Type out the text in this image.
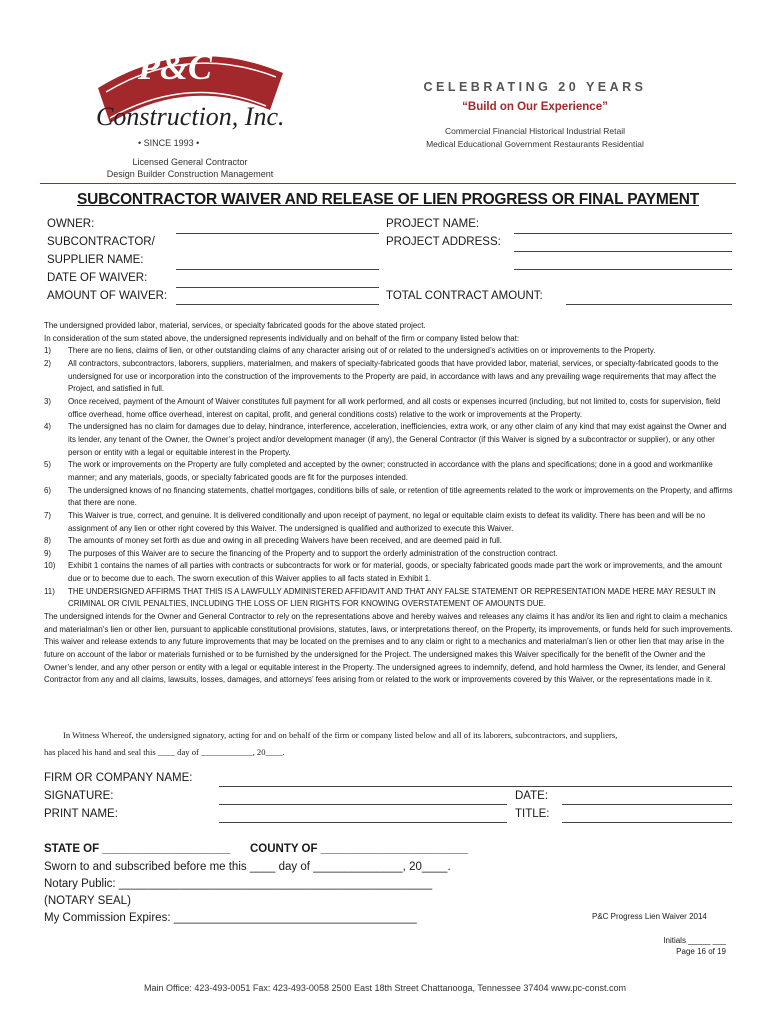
P&C
Construction, Inc.
• SINCE 1993 •
Licensed General Contractor
Design Builder Construction Management
CELEBRATING 20 YEARS
“Build on Our Experience”
Commercial Financial Historical Industrial Retail
Medical Educational Government Restaurants Residential
SUBCONTRACTOR WAIVER AND RELEASE OF LIEN PROGRESS OR FINAL PAYMENT
OWNER:
SUBCONTRACTOR/
SUPPLIER NAME:
DATE OF WAIVER:
AMOUNT OF WAIVER:
PROJECT NAME:
PROJECT ADDRESS:
TOTAL CONTRACT AMOUNT:

The undersigned provided labor, material, services, or specialty fabricated goods for the above stated project.

In consideration of the sum stated above, the undersigned represents individually and on behalf of the firm or company listed below that:

1)	There are no liens, claims of lien, or other outstanding claims of any character arising out of or related to the undersigned’s activities on or improvements to the Property.
2)	All contractors, subcontractors, laborers, suppliers, materialmen, and makers of specialty-fabricated goods that have provided labor, material, services, or specialty-fabricated goods to the undersigned for use or incorporation into the construction of the improvements to the Property are paid, in accordance with laws and any prevailing wage requirements that may affect the Project, and satisfied in full.
3)	Once received, payment of the Amount of Waiver constitutes full payment for all work performed, and all costs or expenses incurred (including, but not limited to, costs for supervision, field office overhead, home office overhead, interest on capital, profit, and general conditions costs) relative to the work or improvements at the Property.
4)	The undersigned has no claim for damages due to delay, hindrance, interference, acceleration, inefficiencies, extra work, or any other claim of any kind that may exist against the Owner and its lender, any tenant of the Owner, the Owner’s project and/or development manager (if any), the General Contractor (if this Waiver is signed by a subcontractor or supplier), or any other person or entity with a legal or equitable interest in the Property.
5)	The work or improvements on the Property are fully completed and accepted by the owner; constructed in accordance with the plans and specifications; done in a good and workmanlike manner; and any materials, goods, or specialty fabricated goods are fit for the purposes intended.
6)	The undersigned knows of no financing statements, chattel mortgages, conditions bills of sale, or retention of title agreements related to the work or improvements on the Property, and affirms that there are none.
7)	This Waiver is true, correct, and genuine. It is delivered conditionally and upon receipt of payment, no legal or equitable claim exists to defeat its validity. There has been and will be no assignment of any lien or other right covered by this Waiver. The undersigned is qualified and authorized to execute this Waiver.
8)	The amounts of money set forth as due and owing in all preceding Waivers have been received, and are deemed paid in full.
9)	The purposes of this Waiver are to secure the financing of the Property and to support the orderly administration of the construction contract.
10)	Exhibit 1 contains the names of all parties with contracts or subcontracts for work or for material, goods, or specialty fabricated goods made part the work or improvements, and the amount due or to become due to each. The sworn execution of this Waiver applies to all facts stated in Exhibit 1.
11)	THE UNDERSIGNED AFFIRMS THAT THIS IS A LAWFULLY ADMINISTERED AFFIDAVIT AND THAT ANY FALSE STATEMENT OR REPRESENTATION MADE HERE MAY RESULT IN CRIMINAL OR CIVIL PENALTIES, INCLUDING THE LOSS OF LIEN RIGHTS FOR KNOWING OVERSTATEMENT OF AMOUNTS DUE.

The undersigned intends for the Owner and General Contractor to rely on the representations above and hereby waives and releases any claims it has and/or its lien and right to claim a mechanics and materialman’s lien or other lien, pursuant to applicable constitutional provisions, statutes, laws, or interpretations thereof, on the Property, its improvements, or funds held for such improvements. This waiver and release extends to any future improvements that may be located on the premises and to any claim or right to a mechanics and materialman’s lien or other lien that may arise in the future on account of the labor or materials furnished or to be furnished by the undersigned for the Project. The undersigned makes this Waiver specifically for the benefit of the Owner and the Owner’s lender, and any other person or entity with a legal or equitable interest in the Property. The undersigned agrees to indemnify, defend, and hold harmless the Owner, its lender, and General Contractor from any and all claims, lawsuits, losses, damages, and attorneys’ fees arising from or related to the work or improvements covered by this Waiver, or the representations made in it.

In Witness Whereof, the undersigned signatory, acting for and on behalf of the firm or company listed below and all of its laborers, subcontractors, and suppliers,
has placed his hand and seal this ____ day of ____________, 20____.
FIRM OR COMPANY NAME:
SIGNATURE:	DATE:
PRINT NAME:	TITLE:
STATE OF ____________________ COUNTY OF _______________________
Sworn to and subscribed before me this ____ day of ______________, 20____.
Notary Public: _________________________________________________
(NOTARY SEAL)
My Commission Expires: ______________________________________	P&C Progress Lien Waiver 2014
Initials _____ ___
Page 16 of 19
Main Office: 423-493-0051 Fax: 423-493-0058 2500 East 18th Street Chattanooga, Tennessee 37404 www.pc-const.com
